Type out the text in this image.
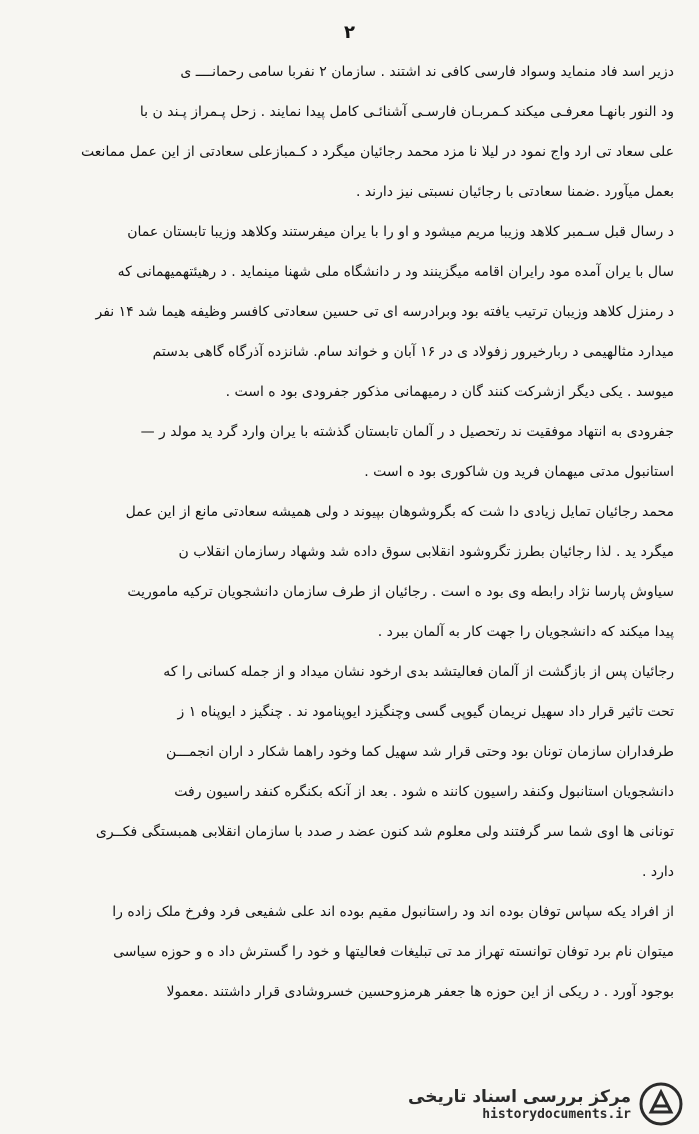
۲
دزیر اسد فاد منماید وسواد فارسی کافی ند اشتند . سازمان ۲ نفربا سامی رحمانــــ ی
ود النور بانهـا معرفـی میکند کـمربـان فارسـی آشنائـی کامل پیدا نمایند . زحل پـمراز پـند ن با
علی سعاد تی ارد واج نمود در لیلا نا مزد محمد رجائیان میگرد د کـمبازعلی سعادتی از این عمل ممانعت
بعمل میآورد .ضمنا سعادتی با رجائیان نسبتی نیز دارند .
د رسال قبل سـمبر کلاهد وزیبا مریم میشود و او را با یران میفرستند وکلاهد وزیبا تابستان عمان
سال با یران آمده مود رایران اقامه میگزینند ود ر دانشگاه ملی شهنا مینماید . د رهیئتهمیهمانی که
د رمنزل کلاهد وزیبان ترتیب یافته بود وبرادرسه ای تی حسین سعادتی کافسر وظیفه هیما شد ۱۴ نفر
میدارد مثالهیمی د ربارخیرور زفولاد ی در ۱۶ آبان و خواند سام. شانزده آذرگاه گاهی بدستم
میوسد . یکی دیگر ازشرکت کنند گان د رمیهمانی مذکور جفرودی بود ه است .
جفرودی به انتهاد موفقیت ند رتحصیل د ر آلمان تابستان گذشته با یران وارد گرد ید مولد ر —
استانبول مدتی میهمان فرید ون شاکوری بود ه است .
محمد رجائیان تمایل زیادی دا شت که بگروشوهان بپیوند د ولی همیشه سعادتی مانع از این عمل
میگرد ید . لذا رجائیان بطرز تگروشود انقلابی سوق داده شد وشهاد رسازمان انقلاب ن
سیاوش پارسا نژاد رابطه وی بود ه است . رجائیان از طرف سازمان دانشجویان ترکیه ماموریت
پیدا میکند که دانشجویان را جهت کار به آلمان ببرد .
رجائیان پس از بازگشت از آلمان فعالیتشد بدی ارخود نشان میداد و از جمله کسانی را که
تحت تاثیر قرار داد سهیل نریمان گیوپی گسی وچنگیزد ایوپنامود ند . چنگیز د ایوپناه ۱ ز
طرفداران سازمان تونان بود وحتی قرار شد سهیل کما وخود راهما شکار د اران انجمـــن
دانشجویان استانبول وکنفد راسیون کانند ه شود . بعد از آنکه بکنگره کنفد راسیون رفت
تونانی ها اوی شما سر گرفتند ولی معلوم شد کنون عضد ر صدد با سازمان انقلابی همبستگی فکــری
دارد .
از افراد یکه سپاس توفان بوده اند ود راستانبول مقیم بوده اند علی شفیعی فرد وفرخ ملک زاده را
میتوان نام برد توفان توانسته تهراز مد تی تبلیغات فعالیتها و خود را گسترش داد ه و حوزه سیاسی
بوجود آورد . د ریکی از این حوزه ها جعفر هرمزوحسین خسروشادی قرار داشتند .معمولا
مرکز بررسی اسناد تاریخی
historydocuments.ir
